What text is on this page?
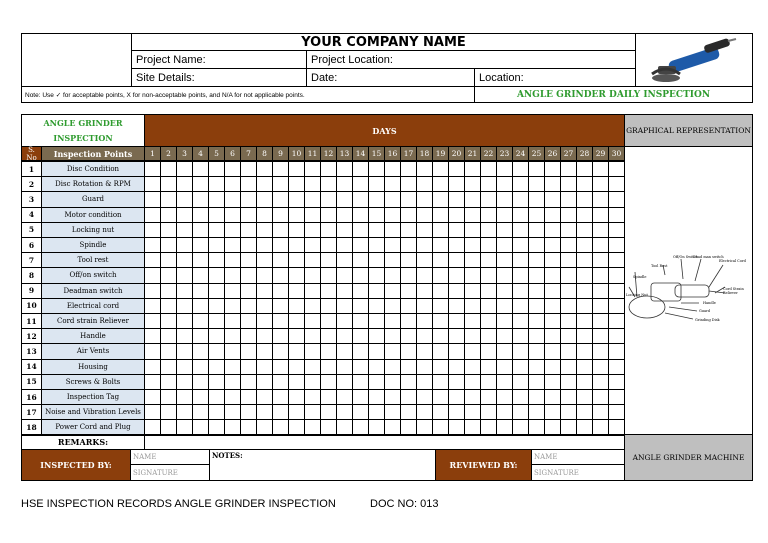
YOUR COMPANY NAME
Project Name:	Project Location:
Site Details:	Date:	Location:
Note: Use ✓ for acceptable points, X for non-acceptable points, and N/A for not applicable points.	ANGLE GRINDER DAILY INSPECTION
ANGLE GRINDER INSPECTION
DAYS	GRAPHICAL REPRESENTATION
S. No	Inspection Points	1	2	3	4	5	6	7	8	9	10 11 12 13 14 15 16 17 18 19 20 21 22 23 24 25 26 27 28 29 30
1	Disc Condition
2	Disc Rotation & RPM
3	Guard
4	Motor condition
5	Locking nut
6	Spindle
7	Tool rest
8	Off/on switch
9	Deadman switch
10	Electrical cord
11	Cord strain Reliever
12	Handle
13	Air Vents
14	Housing
15	Screws & Bolts
16	Inspection Tag
17	Noise and Vibration Levels
18	Power Cord and Plug
Tool Rest
Off/On Switch
Dead man switch
Electrical Cord
Spindle
Cord Strain Reliever
Locking Nut
Handle
Guard
Grinding Disk
REMARKS:
INSPECTED BY:
NAME
SIGNATURE
NOTES:
REVIEWED BY:
NAME
SIGNATURE
ANGLE GRINDER MACHINE
HSE INSPECTION RECORDS ANGLE GRINDER INSPECTION	DOC NO: 013
